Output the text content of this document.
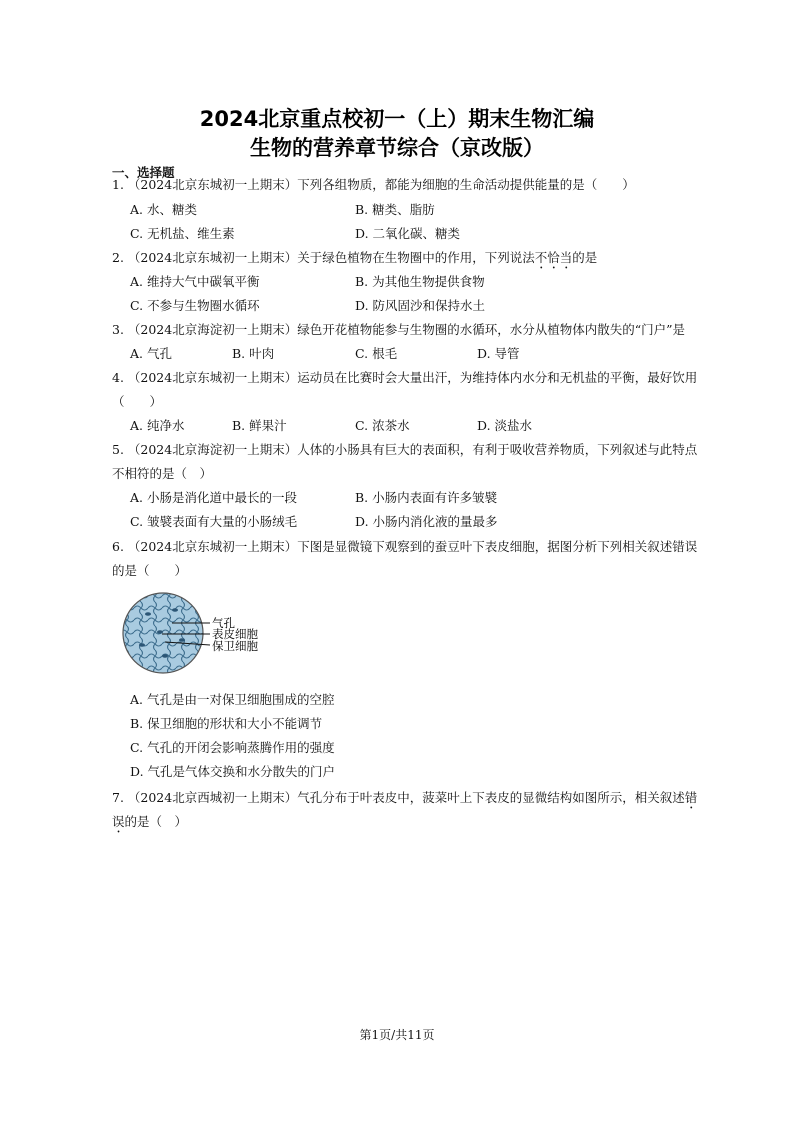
2024北京重点校初一（上）期末生物汇编
生物的营养章节综合（京改版）
一、选择题
1. （2024北京东城初一上期末）下列各组物质，都能为细胞的生命活动提供能量的是（　　）
A. 水、糖类	B. 糖类、脂肪
C. 无机盐、维生素	D. 二氧化碳、糖类
2. （2024北京东城初一上期末）关于绿色植物在生物圈中的作用，下列说法不恰当的是
A. 维持大气中碳氧平衡	B. 为其他生物提供食物
C. 不参与生物圈水循环	D. 防风固沙和保持水土
3. （2024北京海淀初一上期末）绿色开花植物能参与生物圈的水循环，水分从植物体内散失的“门户”是
A. 气孔	B. 叶肉	C. 根毛	D. 导管
4. （2024北京东城初一上期末）运动员在比赛时会大量出汗，为维持体内水分和无机盐的平衡，最好饮用
（　　）
A. 纯净水	B. 鲜果汁	C. 浓茶水	D. 淡盐水
5. （2024北京海淀初一上期末）人体的小肠具有巨大的表面积，有利于吸收营养物质，下列叙述与此特点
不相符的是（　）
A. 小肠是消化道中最长的一段	B. 小肠内表面有许多皱襞
C. 皱襞表面有大量的小肠绒毛	D. 小肠内消化液的量最多
6. （2024北京东城初一上期末）下图是显微镜下观察到的蚕豆叶下表皮细胞，据图分析下列相关叙述错误
的是（　　）
气孔
表皮细胞
保卫细胞
A. 气孔是由一对保卫细胞围成的空腔
B. 保卫细胞的形状和大小不能调节
C. 气孔的开闭会影响蒸腾作用的强度
D. 气孔是气体交换和水分散失的门户
7. （2024北京西城初一上期末）气孔分布于叶表皮中，菠菜叶上下表皮的显微结构如图所示，相关叙述错
误的是（　）
第1页/共11页
